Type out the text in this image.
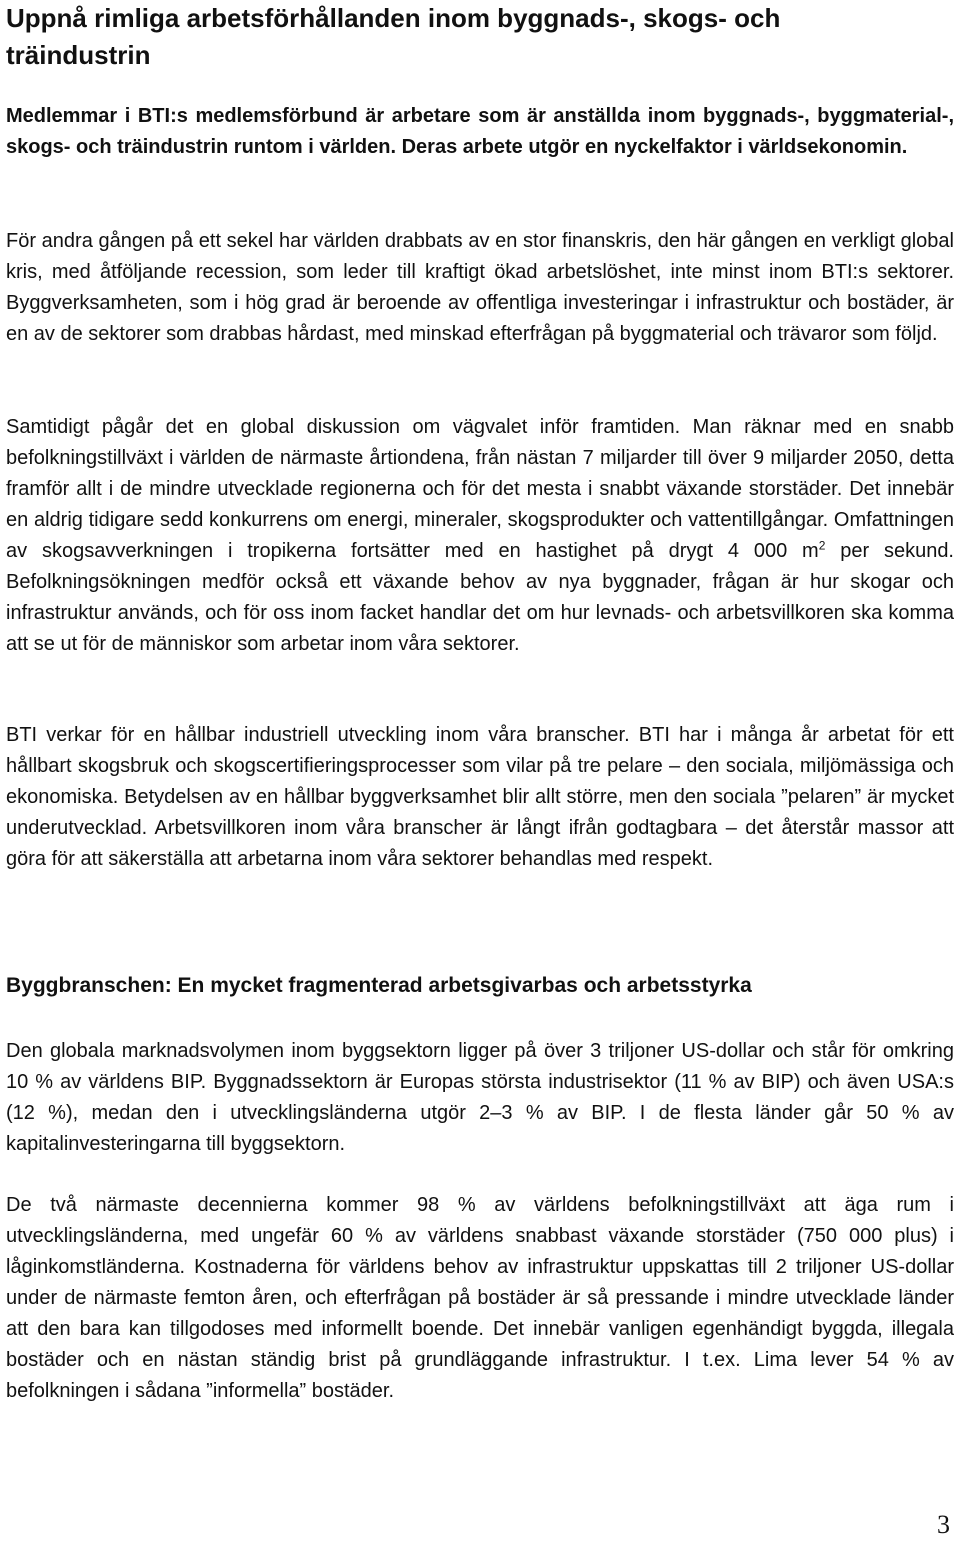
Uppnå rimliga arbetsförhållanden inom byggnads-, skogs- och träindustrin

Medlemmar i BTI:s medlemsförbund är arbetare som är anställda inom byggnads-, byggmaterial-, skogs- och träindustrin runtom i världen. Deras arbete utgör en nyckelfaktor i världsekonomin.

För andra gången på ett sekel har världen drabbats av en stor finanskris, den här gången en verkligt global kris, med åtföljande recession, som leder till kraftigt ökad arbetslöshet, inte minst inom BTI:s sektorer. Byggverksamheten, som i hög grad är beroende av offentliga investeringar i infrastruktur och bostäder, är en av de sektorer som drabbas hårdast, med minskad efterfrågan på byggmaterial och trävaror som följd.

Samtidigt pågår det en global diskussion om vägvalet inför framtiden. Man räknar med en snabb befolkningstillväxt i världen de närmaste årtiondena, från nästan 7 miljarder till över 9 miljarder 2050, detta framför allt i de mindre utvecklade regionerna och för det mesta i snabbt växande storstäder. Det innebär en aldrig tidigare sedd konkurrens om energi, mineraler, skogsprodukter och vattentillgångar. Omfattningen av skogsavverkningen i tropikerna fortsätter med en hastighet på drygt 4 000 $m^2$ per sekund. Befolkningsökningen medför också ett växande behov av nya byggnader, frågan är hur skogar och infrastruktur används, och för oss inom facket handlar det om hur levnads- och arbetsvillkoren ska komma att se ut för de människor som arbetar inom våra sektorer.

BTI verkar för en hållbar industriell utveckling inom våra branscher. BTI har i många år arbetat för ett hållbart skogsbruk och skogscertifieringsprocesser som vilar på tre pelare – den sociala, miljömässiga och ekonomiska. Betydelsen av en hållbar byggverksamhet blir allt större, men den sociala ”pelaren” är mycket underutvecklad. Arbetsvillkoren inom våra branscher är långt ifrån godtagbara – det återstår massor att göra för att säkerställa att arbetarna inom våra sektorer behandlas med respekt.

Byggbranschen: En mycket fragmenterad arbetsgivarbas och arbetsstyrka

Den globala marknadsvolymen inom byggsektorn ligger på över 3 triljoner US-dollar och står för omkring 10 % av världens BIP. Byggnadssektorn är Europas största industrisektor (11 % av BIP) och även USA:s (12 %), medan den i utvecklingsländerna utgör 2–3 % av BIP. I de flesta länder går 50 % av kapitalinvesteringarna till byggsektorn.

De två närmaste decennierna kommer 98 % av världens befolkningstillväxt att äga rum i utvecklingsländerna, med ungefär 60 % av världens snabbast växande storstäder (750 000 plus) i låginkomstländerna. Kostnaderna för världens behov av infrastruktur uppskattas till 2 triljoner US-dollar under de närmaste femton åren, och efterfrågan på bostäder är så pressande i mindre utvecklade länder att den bara kan tillgodoses med informellt boende. Det innebär vanligen egenhändigt byggda, illegala bostäder och en nästan ständig brist på grundläggande infrastruktur. I t.ex. Lima lever 54 % av befolkningen i sådana ”informella” bostäder.

3
